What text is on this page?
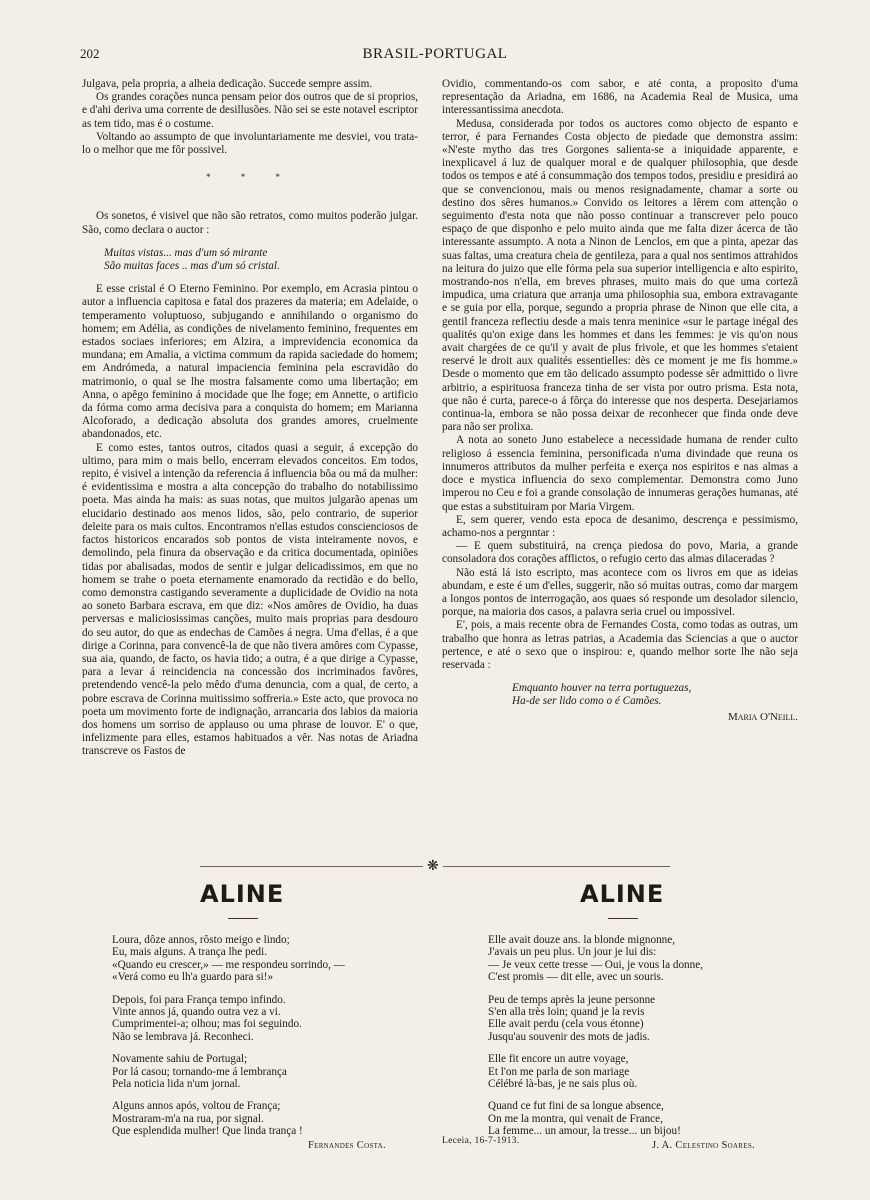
202	BRASIL-PORTUGAL

Julgava, pela propria, a alheia dedicação. Succede sempre assim.

Os grandes corações nunca pensam peior dos outros que de si proprios, e d'ahi deriva uma corrente de desillusões. Não sei se este notavel escriptor as tem tido, mas é o costume.

Voltando ao assumpto de que involuntariamente me desviei, vou trata-lo o melhor que me fôr possivel.

* * *

Os sonetos, é visivel que não são retratos, como muitos poderão julgar. São, como declara o auctor :

Muitas vistas... mas d'um só mirante
São muitas faces .. mas d'um só cristal.

E esse cristal é O Eterno Feminino. Por exemplo, em Acrasia pintou o autor a influencia capitosa e fatal dos prazeres da materia; em Adelaide, o temperamento voluptuoso, subjugando e annihilando o organismo do homem; em Adélia, as condições de nivelamento feminino, frequentes em estados sociaes inferiores; em Alzira, a imprevidencia economica da mundana; em Amalia, a victima commum da rapida saciedade do homem; em Andrómeda, a natural impaciencia feminina pela escravidão do matrimonio, o qual se lhe mostra falsamente como uma libertação; em Anna, o apêgo feminino á mocidade que lhe foge; em Annette, o artificio da fórma como arma decisiva para a conquista do homem; em Marianna Alcoforado, a dedicação absoluta dos grandes amores, cruelmente abandonados, etc.

E como estes, tantos outros, citados quasi a seguir, á excepção do ultimo, para mim o mais bello, encerram elevados conceitos. Em todos, repito, é visivel a intenção da referencia á influencia bôa ou má da mulher: é evidentissima e mostra a alta concepção do trabalho do notabilissimo poeta. Mas ainda ha mais: as suas notas, que muitos julgarão apenas um elucidario destinado aos menos lidos, são, pelo contrario, de superior deleite para os mais cultos. Encontramos n'ellas estudos conscienciosos de factos historicos encarados sob pontos de vista inteiramente novos, e demolindo, pela finura da observação e da critica documentada, opiniões tidas por abalisadas, modos de sentir e julgar delicadissimos, em que no homem se trahe o poeta eternamente enamorado da rectidão e do bello, como demonstra castigando severamente a duplicidade de Ovidio na nota ao soneto Barbara escrava, em que diz: «Nos amôres de Ovidio, ha duas perversas e maliciosissimas canções, muito mais proprias para desdouro do seu autor, do que as endechas de Camões á negra. Uma d'ellas, é a que dirige a Corinna, para convencê-la de que não tivera amôres com Cypasse, sua aia, quando, de facto, os havia tido; a outra, é a que dirige a Cypasse, para a levar á reincidencia na concessão dos incriminados favôres, pretendendo vencê-la pelo mêdo d'uma denuncia, com a qual, de certo, a pobre escrava de Corinna muitissimo soffreria.» Este acto, que provoca no poeta um movimento forte de indignação, arrancaria dos labios da maioria dos homens um sorriso de applauso ou uma phrase de louvor. E' o que, infelizmente para elles, estamos habituados a vêr. Nas notas de Ariadna transcreve os Fastos de

Ovidio, commentando-os com sabor, e até conta, a proposito d'uma representação da Ariadna, em 1686, na Academia Real de Musica, uma interessantissima anecdota.

Medusa, considerada por todos os auctores como objecto de espanto e terror, é para Fernandes Costa objecto de piedade que demonstra assim: «N'este mytho das tres Gorgones salienta-se a iniquidade apparente, e inexplicavel á luz de qualquer moral e de qualquer philosophia, que desde todos os tempos e até á consummação dos tempos todos, presidiu e presidirá ao que se convencionou, mais ou menos resignadamente, chamar a sorte ou destino dos sêres humanos.» Convido os leitores a lêrem com attenção o seguimento d'esta nota que não posso continuar a transcrever pelo pouco espaço de que disponho e pelo muito ainda que me falta dizer ácerca de tão interessante assumpto. A nota a Ninon de Lenclos, em que a pinta, apezar das suas faltas, uma creatura cheia de gentileza, para a qual nos sentimos attrahidos na leitura do juizo que elle fórma pela sua superior intelligencia e alto espirito, mostrando-nos n'ella, em breves phrases, muito mais do que uma cortezã impudica, uma criatura que arranja uma philosophia sua, embora extravagante e se guia por ella, porque, segundo a propria phrase de Ninon que elle cita, a gentil franceza reflectiu desde a mais tenra meninice «sur le partage inégal des qualités qu'on exige dans les hommes et dans les femmes: je vis qu'on nous avait chargées de ce qu'il y avait de plus frivole, et que les hommes s'etaient reservé le droit aux qualités essentielles: dès ce moment je me fis homme.» Desde o momento que em tão delicado assumpto podesse sêr admittido o livre arbitrio, a espirituosa franceza tinha de ser vista por outro prisma. Esta nota, que não é curta, parece-o á fôrça do interesse que nos desperta. Desejariamos continua-la, embora se não possa deixar de reconhecer que finda onde deve para não ser prolixa.

A nota ao soneto Juno estabelece a necessidade humana de render culto religioso á essencia feminina, personificada n'uma divindade que reuna os innumeros attributos da mulher perfeita e exerça nos espiritos e nas almas a doce e mystica influencia do sexo complementar. Demonstra como Juno imperou no Ceu e foi a grande consolação de innumeras gerações humanas, até que estas a substituiram por Maria Virgem.

E, sem querer, vendo esta epoca de desanimo, descrença e pessimismo, achamo-nos a pergnntar :

— E quem substituirá, na crença piedosa do povo, Maria, a grande consoladora dos corações afflictos, o refugio certo das almas dilaceradas ?

Não está lá isto escripto, mas acontece com os livros em que as ideias abundam, e este é um d'elles, suggerir, não só muitas outras, como dar margem a longos pontos de interrogação, aos quaes só responde um desolador silencio, porque, na maioria dos casos, a palavra seria cruel ou impossivel.

E', pois, a mais recente obra de Fernandes Costa, como todas as outras, um trabalho que honra as letras patrias, a Academia das Sciencias a que o auctor pertence, e até o sexo que o inspirou: e, quando melhor sorte lhe não seja reservada :

Emquanto houver na terra portuguezas,
Ha-de ser lido como o é Camões.
Maria O'Neill.
❋
ALINE	ALINE
Loura, dôze annos, rôsto meigo e lindo;
Eu, mais alguns. A trança lhe pedi.
«Quando eu crescer,» — me respondeu sorrindo, —
«Verá como eu lh'a guardo para si!»
Depois, foi para França tempo infindo.
Vinte annos já, quando outra vez a vi.
Cumprimentei-a; olhou; mas foi seguindo.
Não se lembrava já. Reconheci.
Novamente sahiu de Portugal;
Por lá casou; tornando-me á lembrança
Pela noticia lida n'um jornal.
Alguns annos após, voltou de França;
Mostraram-m'a na rua, por signal.
Que esplendida mulher! Que linda trança !
Elle avait douze ans. la blonde mignonne,
J'avais un peu plus. Un jour je lui dis:
— Je veux cette tresse — Oui, je vous la donne,
C'est promis — dit elle, avec un souris.
Peu de temps après la jeune personne
S'en alla très loin; quand je la revis
Elle avait perdu (cela vous étonne)
Jusqu'au souvenir des mots de jadis.
Elle fit encore un autre voyage,
Et l'on me parla de son mariage
Célébré là-bas, je ne sais plus où.
Quand ce fut fini de sa longue absence,
On me la montra, qui venait de France,
La femme... un amour, la tresse... un bijou!
Fernandes Costa.	Leceia, 16-7-1913.	J. A. Celestino Soares.
